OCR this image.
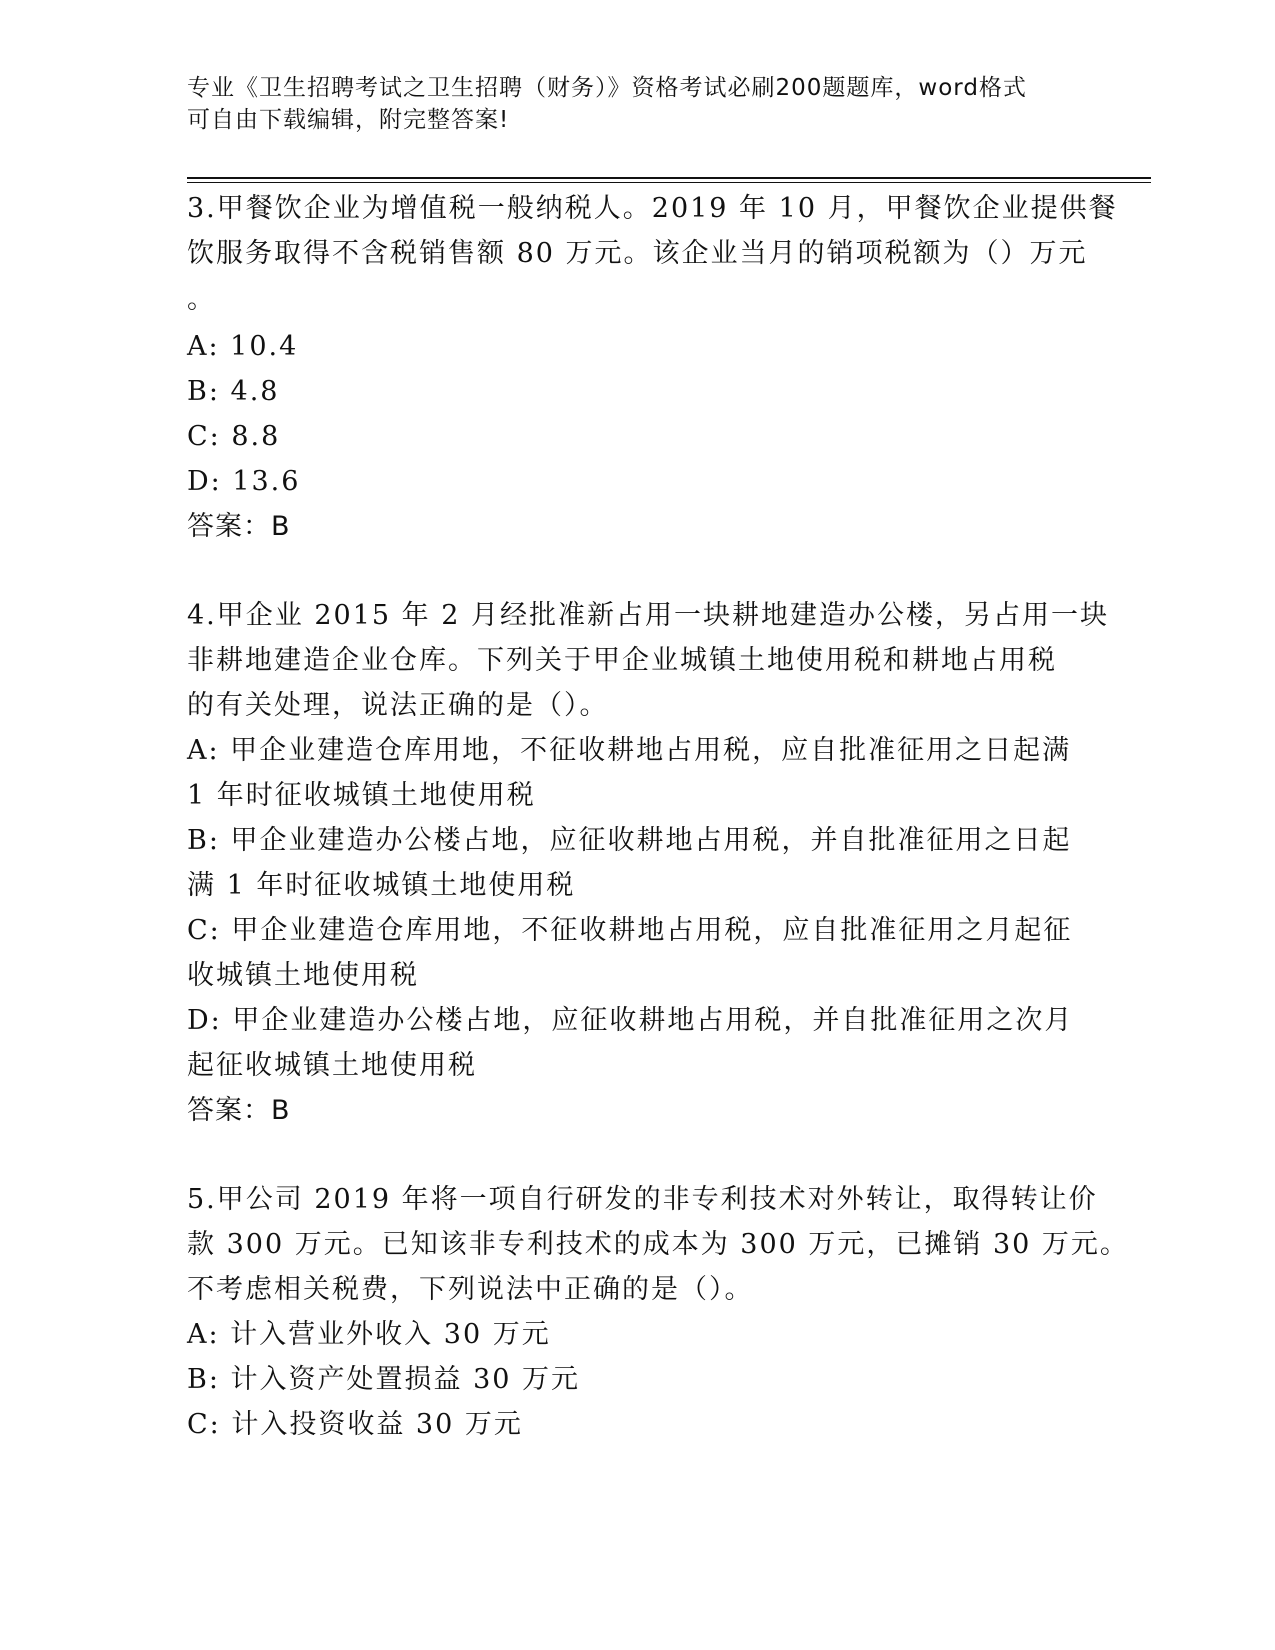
专业《卫生招聘考试之卫生招聘（财务）》资格考试必刷200题题库，word格式
可自由下载编辑，附完整答案!
3.甲餐饮企业为增值税一般纳税人。2019 年 10 月，甲餐饮企业提供餐
饮服务取得不含税销售额 80 万元。该企业当月的销项税额为（）万元
。
A: 10.4
B: 4.8
C: 8.8
D: 13.6
答案：B
4.甲企业 2015 年 2 月经批准新占用一块耕地建造办公楼，另占用一块
非耕地建造企业仓库。下列关于甲企业城镇土地使用税和耕地占用税
的有关处理，说法正确的是（）。
A: 甲企业建造仓库用地，不征收耕地占用税，应自批准征用之日起满
1 年时征收城镇土地使用税
B: 甲企业建造办公楼占地，应征收耕地占用税，并自批准征用之日起
满 1 年时征收城镇土地使用税
C: 甲企业建造仓库用地，不征收耕地占用税，应自批准征用之月起征
收城镇土地使用税
D: 甲企业建造办公楼占地，应征收耕地占用税，并自批准征用之次月
起征收城镇土地使用税
答案：B
5.甲公司 2019 年将一项自行研发的非专利技术对外转让，取得转让价
款 300 万元。已知该非专利技术的成本为 300 万元，已摊销 30 万元。
不考虑相关税费，下列说法中正确的是（）。
A: 计入营业外收入 30 万元
B: 计入资产处置损益 30 万元
C: 计入投资收益 30 万元
